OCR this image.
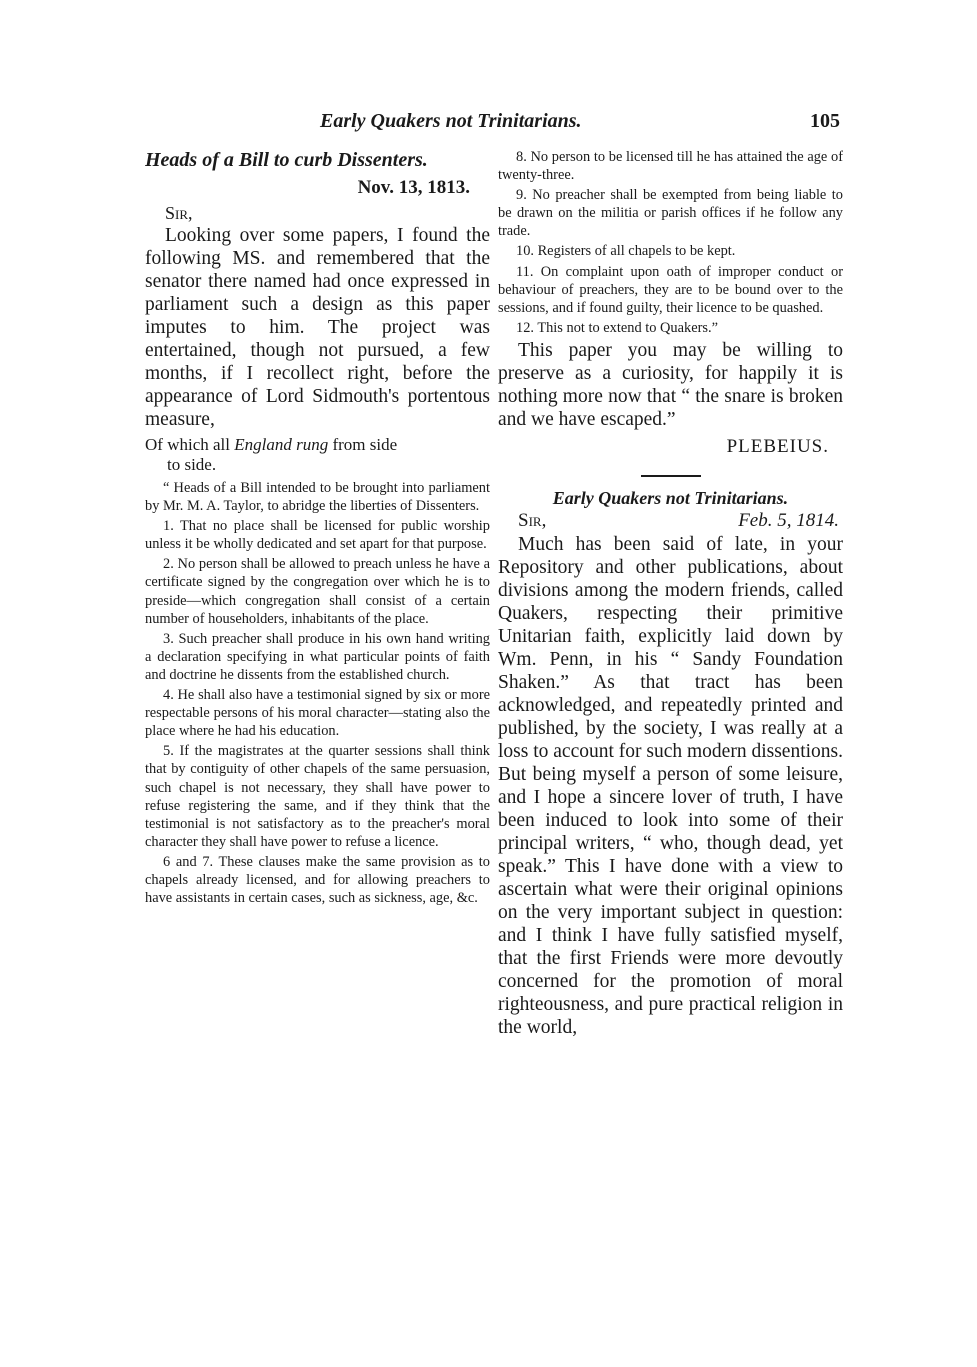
Early Quakers not Trinitarians.	105

Heads of a Bill to curb Dissenters.

Nov. 13, 1813.

Sir,

Looking over some papers, I found the following MS. and remembered that the senator there named had once expressed in parliament such a design as this paper imputes to him. The project was entertained, though not pursued, a few months, if I recollect right, before the appearance of Lord Sidmouth's portentous measure,

Of which all England rung from side
to side.

“ Heads of a Bill intended to be brought into parliament by Mr. M. A. Taylor, to abridge the liberties of Dissenters.

1. That no place shall be licensed for public worship unless it be wholly dedicated and set apart for that purpose.

2. No person shall be allowed to preach unless he have a certificate signed by the congregation over which he is to preside—which congregation shall consist of a certain number of householders, inhabitants of the place.

3. Such preacher shall produce in his own hand writing a declaration specifying in what particular points of faith and doctrine he dissents from the established church.

4. He shall also have a testimonial signed by six or more respectable persons of his moral character—stating also the place where he had his education.

5. If the magistrates at the quarter sessions shall think that by contiguity of other chapels of the same persuasion, such chapel is not necessary, they shall have power to refuse registering the same, and if they think that the testimonial is not satisfactory as to the preacher's moral character they shall have power to refuse a licence.

6 and 7. These clauses make the same provision as to chapels already licensed, and for allowing preachers to have assistants in certain cases, such as sickness, age, &c.

8. No person to be licensed till he has attained the age of twenty-three.

9. No preacher shall be exempted from being liable to be drawn on the militia or parish offices if he follow any trade.

10. Registers of all chapels to be kept.

11. On complaint upon oath of improper conduct or behaviour of preachers, they are to be bound over to the sessions, and if found guilty, their licence to be quashed.

12. This not to extend to Quakers.”

This paper you may be willing to preserve as a curiosity, for happily it is nothing more now that “ the snare is broken and we have escaped.”

PLEBEIUS.

Early Quakers not Trinitarians.

Sir,	Feb. 5, 1814.

Much has been said of late, in your Repository and other publications, about divisions among the modern friends, called Quakers, respecting their primitive Unitarian faith, explicitly laid down by Wm. Penn, in his “ Sandy Foundation Shaken.” As that tract has been acknowledged, and repeatedly printed and published, by the society, I was really at a loss to account for such modern dissentions. But being myself a person of some leisure, and I hope a sincere lover of truth, I have been induced to look into some of their principal writers, “ who, though dead, yet speak.” This I have done with a view to ascertain what were their original opinions on the very important subject in question: and I think I have fully satisfied myself, that the first Friends were more devoutly concerned for the promotion of moral righteousness, and pure practical religion in the world,
